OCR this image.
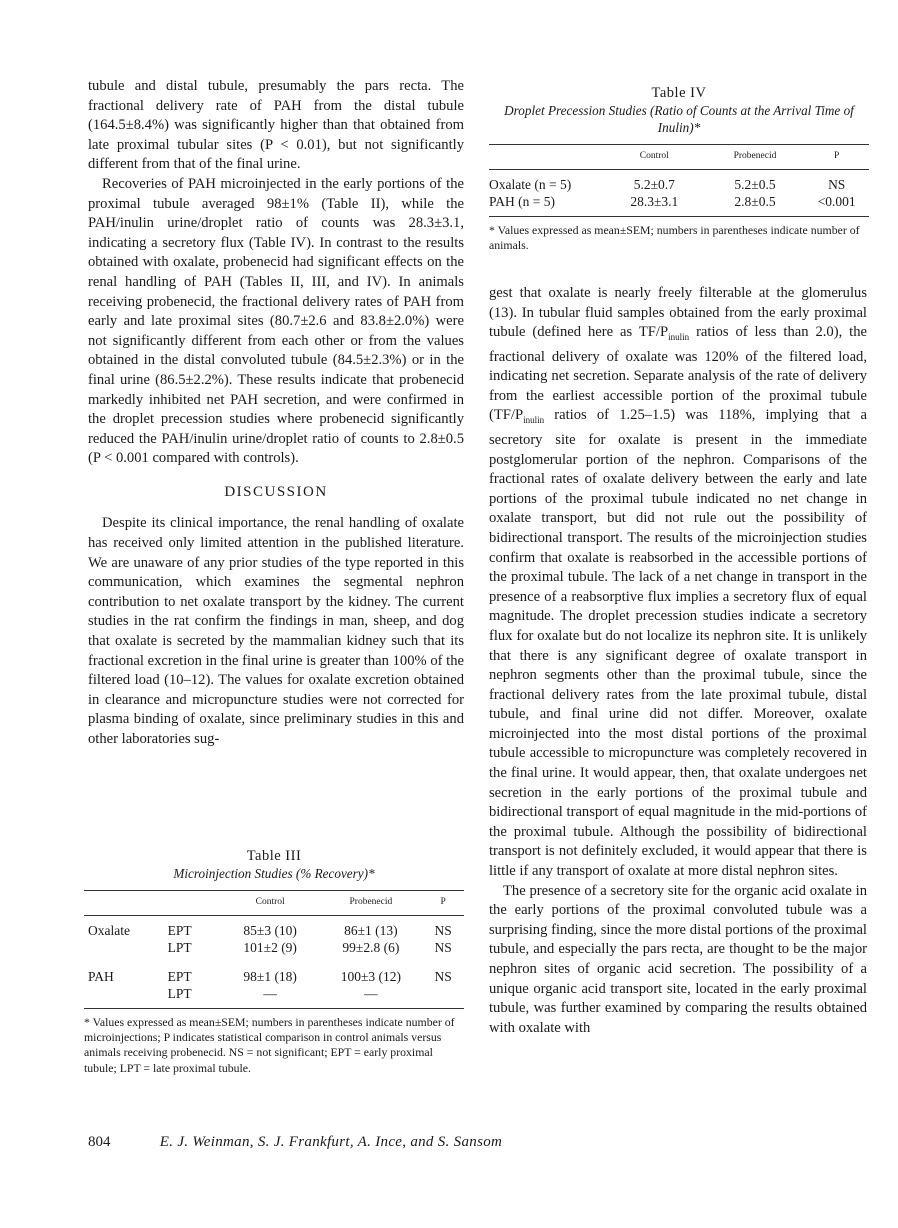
tubule and distal tubule, presumably the pars recta. The fractional delivery rate of PAH from the distal tubule (164.5±8.4%) was significantly higher than that obtained from late proximal tubular sites (P < 0.01), but not significantly different from that of the final urine.

Recoveries of PAH microinjected in the early portions of the proximal tubule averaged 98±1% (Table II), while the PAH/inulin urine/droplet ratio of counts was 28.3±3.1, indicating a secretory flux (Table IV). In contrast to the results obtained with oxalate, probenecid had significant effects on the renal handling of PAH (Tables II, III, and IV). In animals receiving probenecid, the fractional delivery rates of PAH from early and late proximal sites (80.7±2.6 and 83.8±2.0%) were not significantly different from each other or from the values obtained in the distal convoluted tubule (84.5±2.3%) or in the final urine (86.5±2.2%). These results indicate that probenecid markedly inhibited net PAH secretion, and were confirmed in the droplet precession studies where probenecid significantly reduced the PAH/inulin urine/droplet ratio of counts to 2.8±0.5 (P < 0.001 compared with controls).

DISCUSSION

Despite its clinical importance, the renal handling of oxalate has received only limited attention in the published literature. We are unaware of any prior studies of the type reported in this communication, which examines the segmental nephron contribution to net oxalate transport by the kidney. The current studies in the rat confirm the findings in man, sheep, and dog that oxalate is secreted by the mammalian kidney such that its fractional excretion in the final urine is greater than 100% of the filtered load (10–12). The values for oxalate excretion obtained in clearance and micropuncture studies were not corrected for plasma binding of oxalate, since preliminary studies in this and other laboratories sug-

Table IV
Droplet Precession Studies (Ratio of Counts at the Arrival Time of Inulin)*
	Control	Probenecid	P

Oxalate (n = 5)	5.2±0.7	5.2±0.5	NS
PAH (n = 5)	28.3±3.1	2.8±0.5	<0.001
* Values expressed as mean±SEM; numbers in parentheses indicate number of animals.

gest that oxalate is nearly freely filterable at the glomerulus (13). In tubular fluid samples obtained from the early proximal tubule (defined here as $TF/P_{inulin}$ ratios of less than 2.0), the fractional delivery of oxalate was 120% of the filtered load, indicating net secretion. Separate analysis of the rate of delivery from the earliest accessible portion of the proximal tubule ($TF/P_{inulin}$ ratios of 1.25–1.5) was 118%, implying that a secretory site for oxalate is present in the immediate postglomerular portion of the nephron. Comparisons of the fractional rates of oxalate delivery between the early and late portions of the proximal tubule indicated no net change in oxalate transport, but did not rule out the possibility of bidirectional transport. The results of the microinjection studies confirm that oxalate is reabsorbed in the accessible portions of the proximal tubule. The lack of a net change in transport in the presence of a reabsorptive flux implies a secretory flux of equal magnitude. The droplet precession studies indicate a secretory flux for oxalate but do not localize its nephron site. It is unlikely that there is any significant degree of oxalate transport in nephron segments other than the proximal tubule, since the fractional delivery rates from the late proximal tubule, distal tubule, and final urine did not differ. Moreover, oxalate microinjected into the most distal portions of the proximal tubule accessible to micropuncture was completely recovered in the final urine. It would appear, then, that oxalate undergoes net secretion in the early portions of the proximal tubule and bidirectional transport of equal magnitude in the mid-portions of the proximal tubule. Although the possibility of bidirectional transport is not definitely excluded, it would appear that there is little if any transport of oxalate at more distal nephron sites.

The presence of a secretory site for the organic acid oxalate in the early portions of the proximal convoluted tubule was a surprising finding, since the more distal portions of the proximal tubule, and especially the pars recta, are thought to be the major nephron sites of organic acid secretion. The possibility of a unique organic acid transport site, located in the early proximal tubule, was further examined by comparing the results obtained with oxalate with

Table III
Microinjection Studies (% Recovery)*
		Control	Probenecid	P

Oxalate	EPT	85±3 (10)	86±1 (13)	NS
	LPT	101±2 (9)	99±2.8 (6)	NS

PAH	EPT	98±1 (18)	100±3 (12)	NS
	LPT	—	—	
* Values expressed as mean±SEM; numbers in parentheses indicate number of microinjections; P indicates statistical comparison in control animals versus animals receiving probenecid. NS = not significant; EPT = early proximal tubule; LPT = late proximal tubule.
804	E. J. Weinman, S. J. Frankfurt, A. Ince, and S. Sansom
